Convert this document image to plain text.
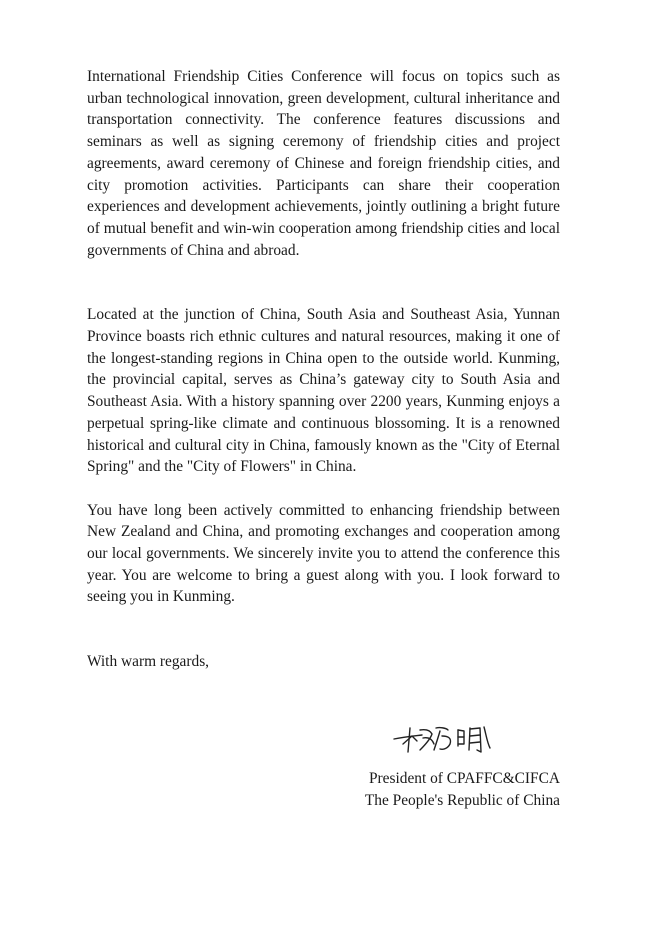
International Friendship Cities Conference will focus on topics such as urban technological innovation, green development, cultural inheritance and transportation connectivity. The conference features discussions and seminars as well as signing ceremony of friendship cities and project agreements, award ceremony of Chinese and foreign friendship cities, and city promotion activities. Participants can share their cooperation experiences and development achievements, jointly outlining a bright future of mutual benefit and win-win cooperation among friendship cities and local governments of China and abroad.

Located at the junction of China, South Asia and Southeast Asia, Yunnan Province boasts rich ethnic cultures and natural resources, making it one of the longest-standing regions in China open to the outside world. Kunming, the provincial capital, serves as China’s gateway city to South Asia and Southeast Asia. With a history spanning over 2200 years, Kunming enjoys a perpetual spring-like climate and continuous blossoming. It is a renowned historical and cultural city in China, famously known as the "City of Eternal Spring" and the "City of Flowers" in China.

You have long been actively committed to enhancing friendship between New Zealand and China, and promoting exchanges and cooperation among our local governments. We sincerely invite you to attend the conference this year. You are welcome to bring a guest along with you. I look forward to seeing you in Kunming.

With warm regards,

President of CPAFFC&CIFCA
The People's Republic of China
